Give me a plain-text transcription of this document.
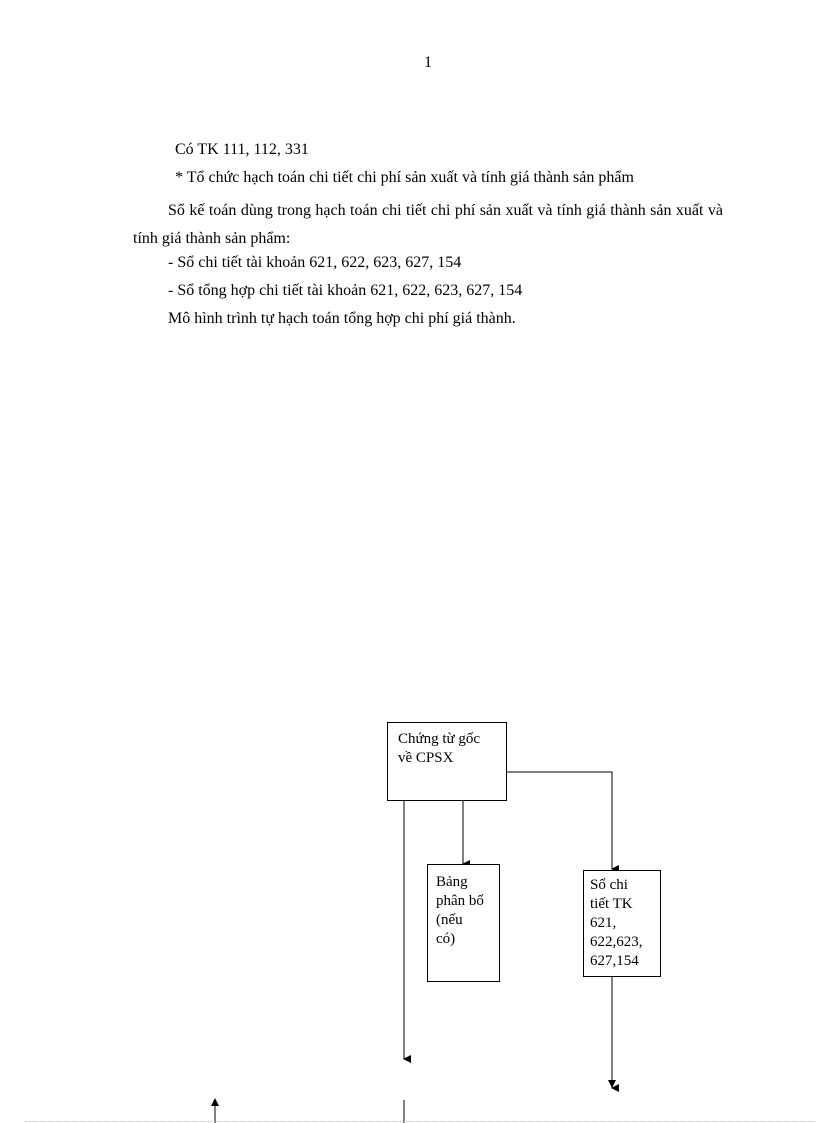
1
Có TK 111, 112, 331
* Tổ chức hạch toán chi tiết chi phí sản xuất và tính giá thành sản phẩm
Sổ kế toán dùng trong hạch toán chi tiết chi phí sản xuất và tính giá thành sản xuất và tính giá thành sản phẩm:
- Sổ chi tiết tài khoản 621, 622, 623, 627, 154
- Sổ tổng hợp chi tiết tài khoản 621, 622, 623, 627, 154
Mô hình trình tự hạch toán tổng hợp chi phí giá thành.
Chứng từ gốc
về CPSX
Bảng
phân bổ
(nếu
có)
Sổ chi
tiết TK
621,
622,623,
627,154
